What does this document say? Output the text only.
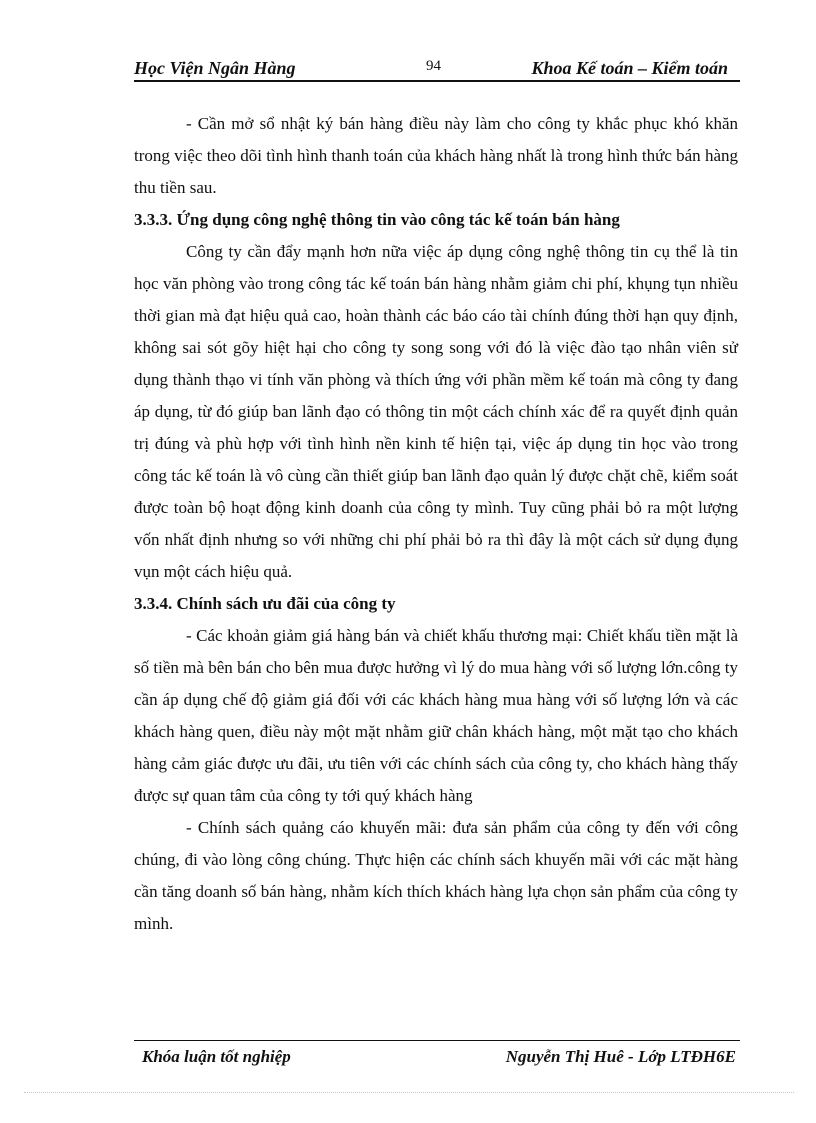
Học Viện Ngân Hàng	94	Khoa Kế toán – Kiểm toán

- Cần mở sổ nhật ký bán hàng điều này làm cho công ty khắc phục khó khăn trong việc theo dõi tình hình thanh toán của khách hàng nhất là trong hình thức bán hàng thu tiền sau.

3.3.3. Ứng dụng công nghệ thông tin vào công tác kế toán bán hàng

Công ty cần đẩy mạnh hơn nữa việc áp dụng công nghệ thông tin cụ thể là tin học văn phòng vào trong công tác kế toán bán hàng nhằm giảm chi phí, khụng tụn nhiều thời gian mà đạt hiệu quả cao, hoàn thành các báo cáo tài chính đúng thời hạn quy định, không sai sót gõy hiệt hại cho công ty song song với đó là việc đào tạo nhân viên sử dụng thành thạo vi tính văn phòng và thích ứng với phần mềm kế toán mà công ty đang áp dụng, từ đó giúp ban lãnh đạo có thông tin một cách chính xác để ra quyết định quản trị đúng và phù hợp với tình hình nền kinh tế hiện tại, việc áp dụng tin học vào trong công tác kế toán là vô cùng cần thiết giúp ban lãnh đạo quản lý được chặt chẽ, kiểm soát được toàn bộ hoạt động kinh doanh của công ty mình. Tuy cũng phải bỏ ra một lượng vốn nhất định nhưng so với những chi phí phải bỏ ra thì đây là một cách sử dụng đụng vụn một cách hiệu quả.

3.3.4. Chính sách ưu đãi của công ty

- Các khoản giảm giá hàng bán và chiết khấu thương mại: Chiết khấu tiền mặt là số tiền mà bên bán cho bên mua được hưởng vì lý do mua hàng với số lượng lớn.công ty cần áp dụng chế độ giảm giá đối với các khách hàng mua hàng với số lượng lớn và các khách hàng quen, điều này một mặt nhằm giữ chân khách hàng, một mặt tạo cho khách hàng cảm giác được ưu đãi, ưu tiên với các chính sách của công ty, cho khách hàng thấy được sự quan tâm của công ty tới quý khách hàng

- Chính sách quảng cáo khuyến mãi: đưa sản phẩm của công ty đến với công chúng, đi vào lòng công chúng. Thực hiện các chính sách khuyến mãi với các mặt hàng cần tăng doanh số bán hàng, nhằm kích thích khách hàng lựa chọn sản phẩm của công ty mình.

Khóa luận tốt nghiệp	Nguyễn Thị Huê - Lớp LTĐH6E
